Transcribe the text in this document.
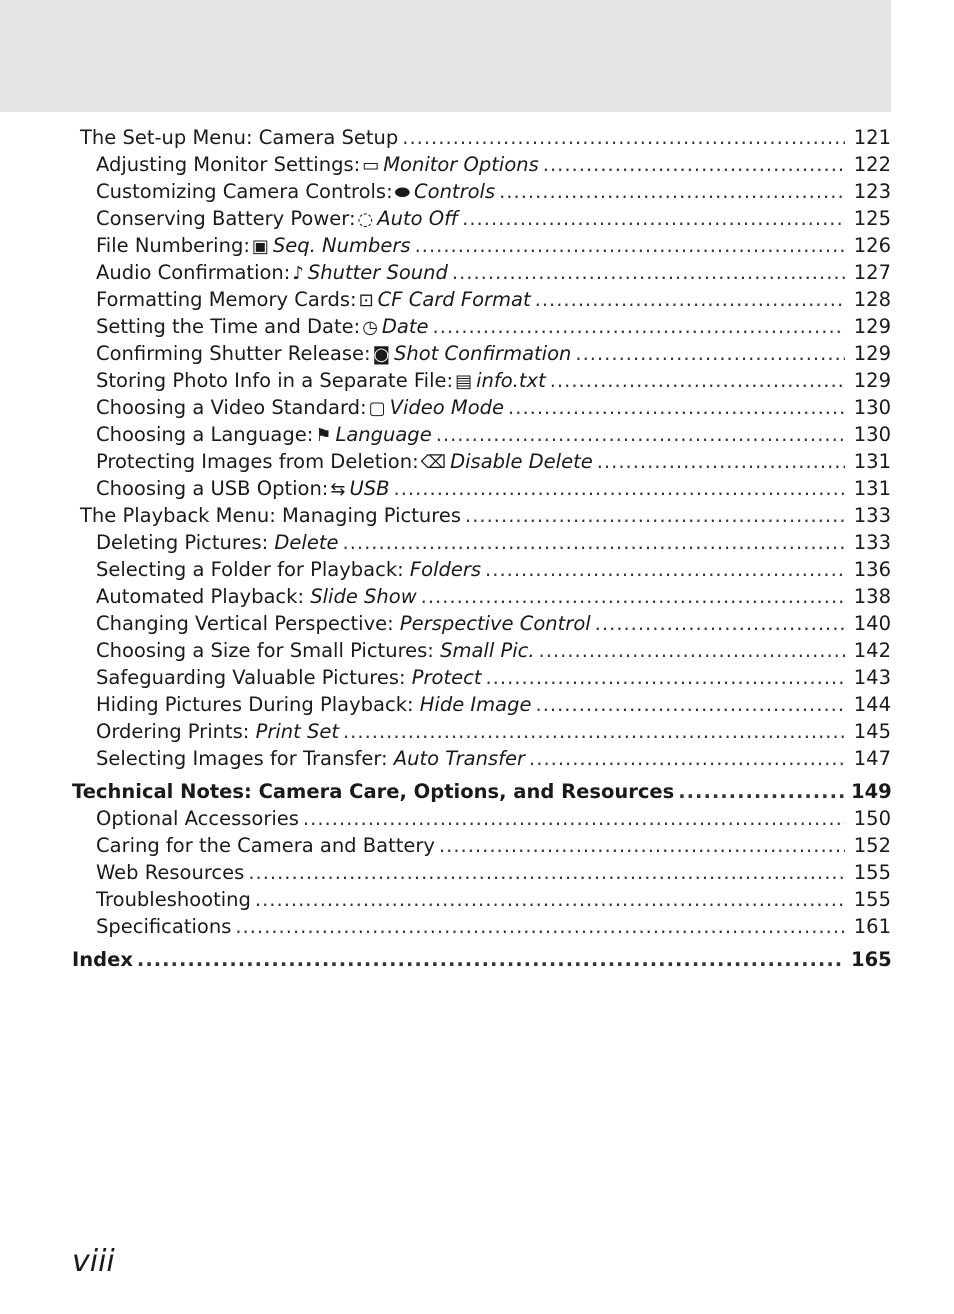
The Set-up Menu: Camera Setup .....	121
Adjusting Monitor Settings: ▭ Monitor Options .....	122
Customizing Camera Controls: ⬬ Controls .....	123
Conserving Battery Power: ◌ Auto Off .....	125
File Numbering: ▣ Seq. Numbers .....	126
Audio Confirmation: ♪ Shutter Sound .....	127
Formatting Memory Cards: ⊡ CF Card Format .....	128
Setting the Time and Date: ◷ Date .....	129
Confirming Shutter Release: ◙ Shot Confirmation .....	129
Storing Photo Info in a Separate File: ▤ info.txt .....	129
Choosing a Video Standard: ▢ Video Mode .....	130
Choosing a Language: ⚑ Language .....	130
Protecting Images from Deletion: ⌫ Disable Delete .....	131
Choosing a USB Option: ⇆ USB .....	131
The Playback Menu: Managing Pictures .....	133
Deleting Pictures:
Delete .....	133
Selecting a Folder for Playback:
Folders .....	136
Automated Playback:
Slide Show .....	138
Changing Vertical Perspective:
Perspective Control .....	140
Choosing a Size for Small Pictures:
Small Pic. .....	142
Safeguarding Valuable Pictures:
Protect .....	143
Hiding Pictures During Playback:
Hide Image .....	144
Ordering Prints:
Print Set .....	145
Selecting Images for Transfer:
Auto Transfer .....	147
Technical Notes: Camera Care, Options, and Resources .....	149
Optional Accessories .....	150
Caring for the Camera and Battery .....	152
Web Resources .....	155
Troubleshooting .....	155
Specifications .....	161
Index .....	165
viii
